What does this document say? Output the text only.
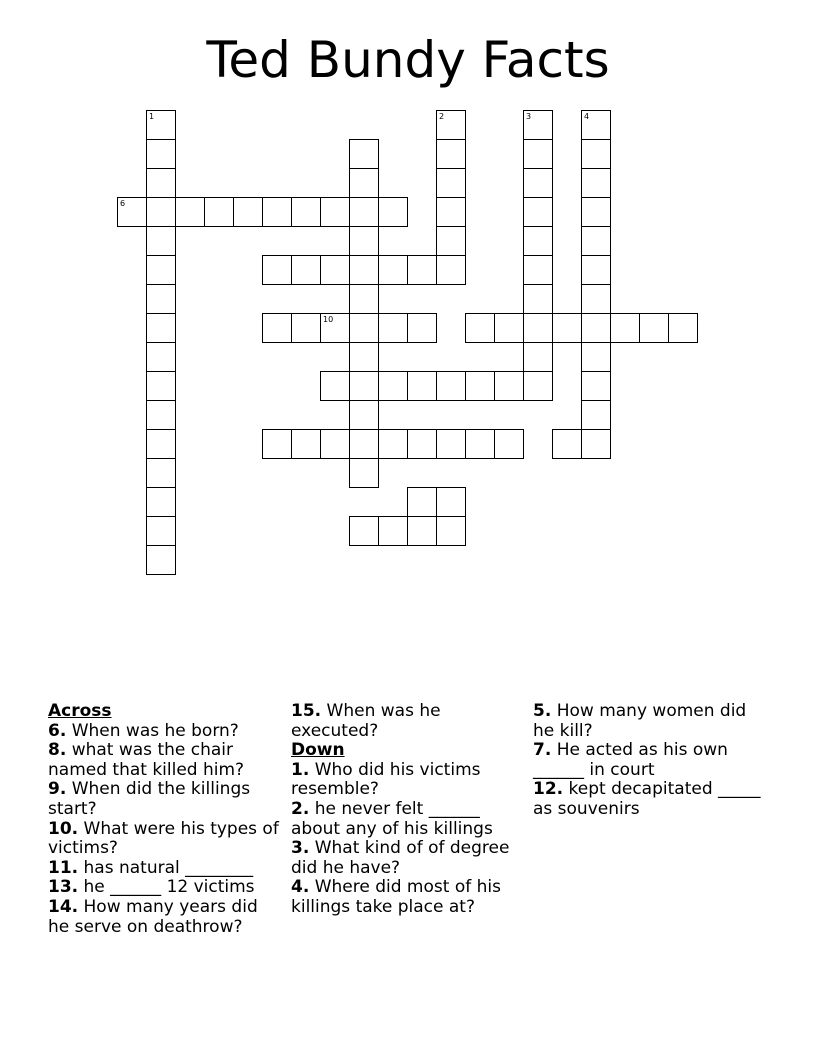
Ted Bundy Facts
1
6
2
10
3	4

Across

6. When was he born?

8. what was the chair named that killed him?

9. When did the killings start?

10. What were his types of victims?

11. has natural ________

13. he ______ 12 victims

14. How many years did he serve on deathrow?

15. When was he executed?

Down

1. Who did his victims resemble?

2. he never felt ______ about any of his killings

3. What kind of of degree did he have?

4. Where did most of his killings take place at?

5. How many women did he kill?

7. He acted as his own ______ in court

12. kept decapitated _____ as souvenirs
